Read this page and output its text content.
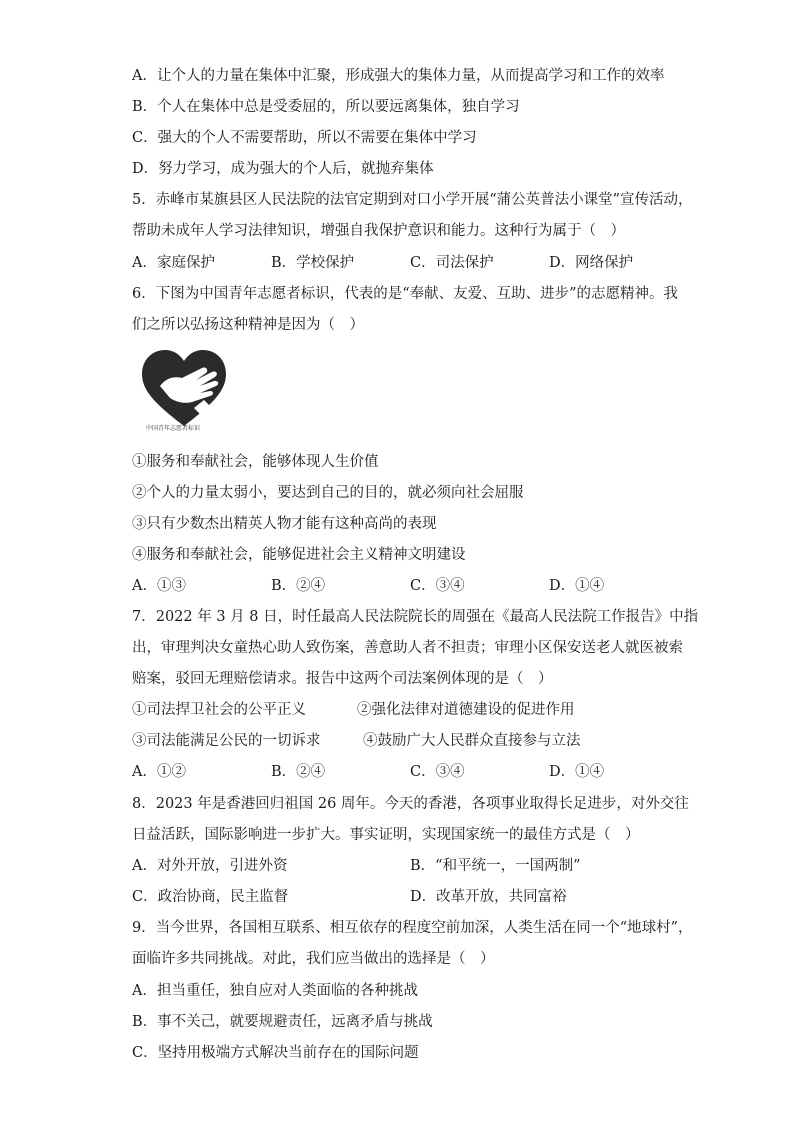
A．让个人的力量在集体中汇聚，形成强大的集体力量，从而提高学习和工作的效率
B．个人在集体中总是受委屈的，所以要远离集体，独自学习
C．强大的个人不需要帮助，所以不需要在集体中学习
D．努力学习，成为强大的个人后，就抛弃集体
5．赤峰市某旗县区人民法院的法官定期到对口小学开展“蒲公英普法小课堂”宣传活动，
帮助未成年人学习法律知识，增强自我保护意识和能力。这种行为属于（　）
A．家庭保护	B．学校保护	C．司法保护	D．网络保护
6．下图为中国青年志愿者标识，代表的是“奉献、友爱、互助、进步”的志愿精神。我
们之所以弘扬这种精神是因为（　）
中国青年志愿者标识
①服务和奉献社会，能够体现人生价值
②个人的力量太弱小，要达到自己的目的，就必须向社会屈服
③只有少数杰出精英人物才能有这种高尚的表现
④服务和奉献社会，能够促进社会主义精神文明建设
A．①③	B．②④	C．③④	D．①④
7．2022 年 3 月 8 日，时任最高人民法院院长的周强在《最高人民法院工作报告》中指
出，审理判决女童热心助人致伤案，善意助人者不担责；审理小区保安送老人就医被索
赔案，驳回无理赔偿请求。报告中这两个司法案例体现的是（　）
①司法捍卫社会的公平正义	②强化法律对道德建设的促进作用
③司法能满足公民的一切诉求	④鼓励广大人民群众直接参与立法
A．①②	B．②④	C．③④	D．①④
8．2023 年是香港回归祖国 26 周年。今天的香港，各项事业取得长足进步，对外交往
日益活跃，国际影响进一步扩大。事实证明，实现国家统一的最佳方式是（　）
A．对外开放，引进外资	B．“和平统一，一国两制”
C．政治协商，民主监督	D．改革开放，共同富裕
9．当今世界，各国相互联系、相互依存的程度空前加深，人类生活在同一个“地球村”，
面临许多共同挑战。对此，我们应当做出的选择是（　）
A．担当重任，独自应对人类面临的各种挑战
B．事不关己，就要规避责任，远离矛盾与挑战
C．坚持用极端方式解决当前存在的国际问题
